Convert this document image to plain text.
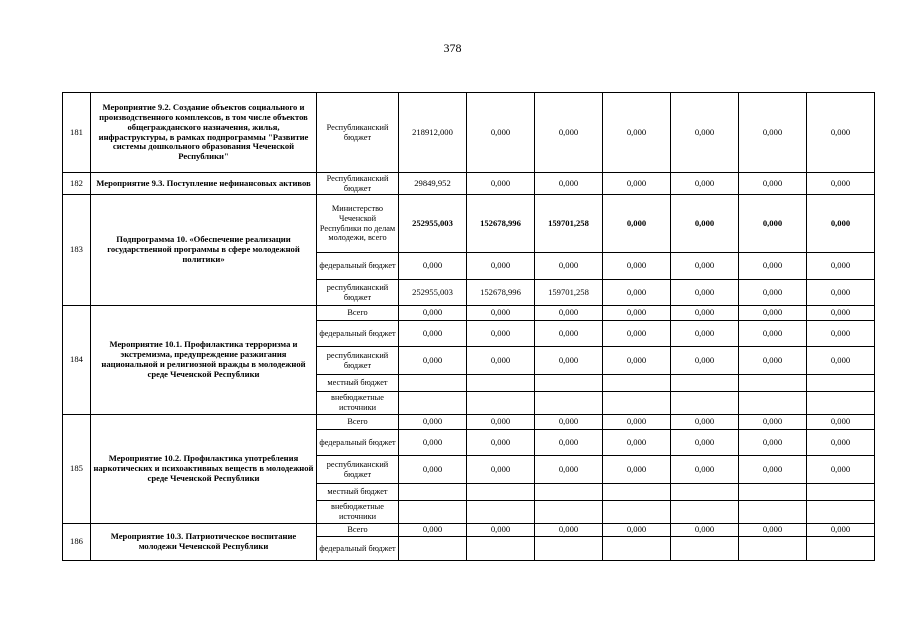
378
181	Мероприятие 9.2. Создание объектов социального и производственного комплексов, в том числе объектов общегражданского назначения, жилья, инфраструктуры, в рамках подпрограммы "Развитие системы дошкольного образования Чеченской Республики"	Республиканский бюджет	218912,000	0,000	0,000	0,000	0,000	0,000	0,000
182	Мероприятие 9.3. Поступление нефинансовых активов	Республиканский бюджет	29849,952	0,000	0,000	0,000	0,000	0,000	0,000
183	Подпрограмма 10. «Обеспечение реализации государственной программы в сфере молодежной политики»	Министерство Чеченской Республики по делам молодежи, всего	252955,003	152678,996	159701,258	0,000	0,000	0,000	0,000
		федеральный бюджет	0,000	0,000	0,000	0,000	0,000	0,000	0,000
		республиканский бюджет	252955,003	152678,996	159701,258	0,000	0,000	0,000	0,000
184	Мероприятие 10.1. Профилактика терроризма и экстремизма, предупреждение разжигания национальной и религиозной вражды в молодежной среде Чеченской Республики	Всего	0,000	0,000	0,000	0,000	0,000	0,000	0,000
		федеральный бюджет	0,000	0,000	0,000	0,000	0,000	0,000	0,000
		республиканский бюджет	0,000	0,000	0,000	0,000	0,000	0,000	0,000
		местный бюджет							
		внебюджетные источники							
185	Мероприятие 10.2. Профилактика употребления наркотических и психоактивных веществ в молодежной среде Чеченской Республики	Всего	0,000	0,000	0,000	0,000	0,000	0,000	0,000
		федеральный бюджет	0,000	0,000	0,000	0,000	0,000	0,000	0,000
		республиканский бюджет	0,000	0,000	0,000	0,000	0,000	0,000	0,000
		местный бюджет							
		внебюджетные источники							
186	Мероприятие 10.3. Патриотическое воспитание молодежи Чеченской Республики	Всего	0,000	0,000	0,000	0,000	0,000	0,000	0,000
		федеральный бюджет							
